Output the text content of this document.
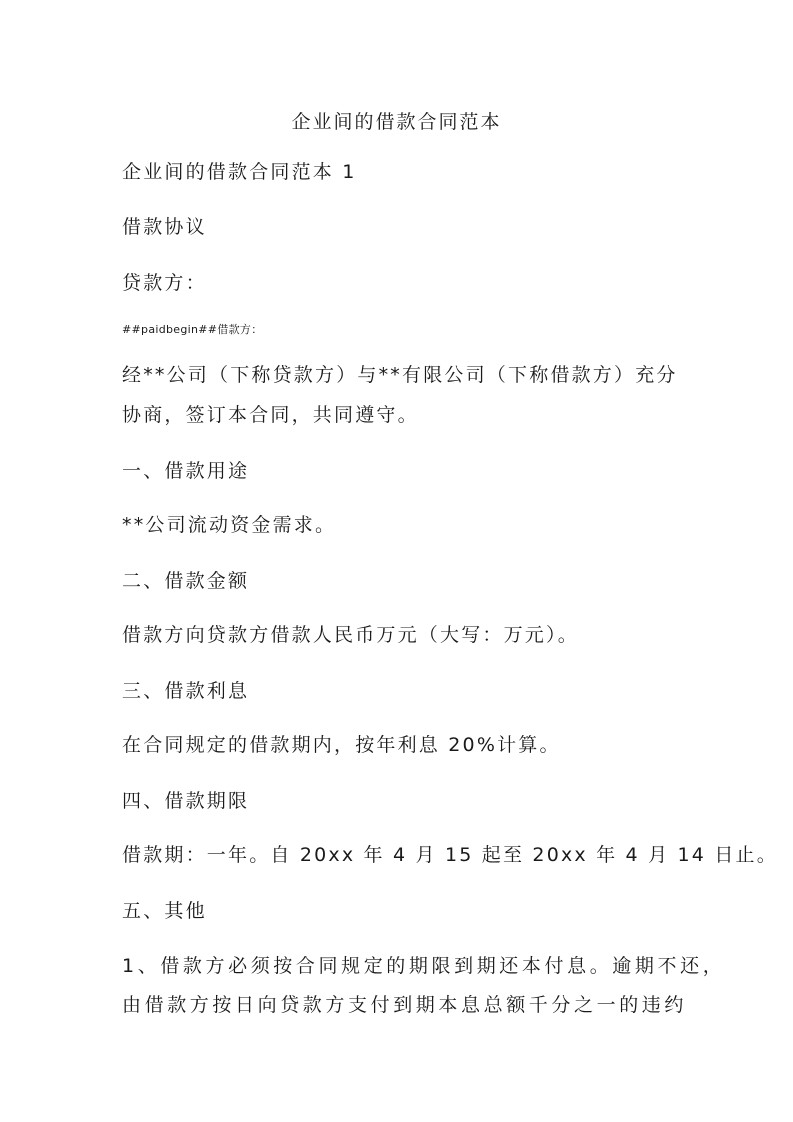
企业间的借款合同范本
企业间的借款合同范本 1
借款协议
贷款方：
##paidbegin##借款方：
经**公司（下称贷款方）与**有限公司（下称借款方）充分
协商，签订本合同，共同遵守。
一、借款用途
**公司流动资金需求。
二、借款金额
借款方向贷款方借款人民币万元（大写：万元）。
三、借款利息
在合同规定的借款期内，按年利息 20%计算。
四、借款期限
借款期：一年。自 20xx 年 4 月 15 起至 20xx 年 4 月 14 日止。
五、其他
1、借款方必须按合同规定的期限到期还本付息。逾期不还，
由借款方按日向贷款方支付到期本息总额千分之一的违约
